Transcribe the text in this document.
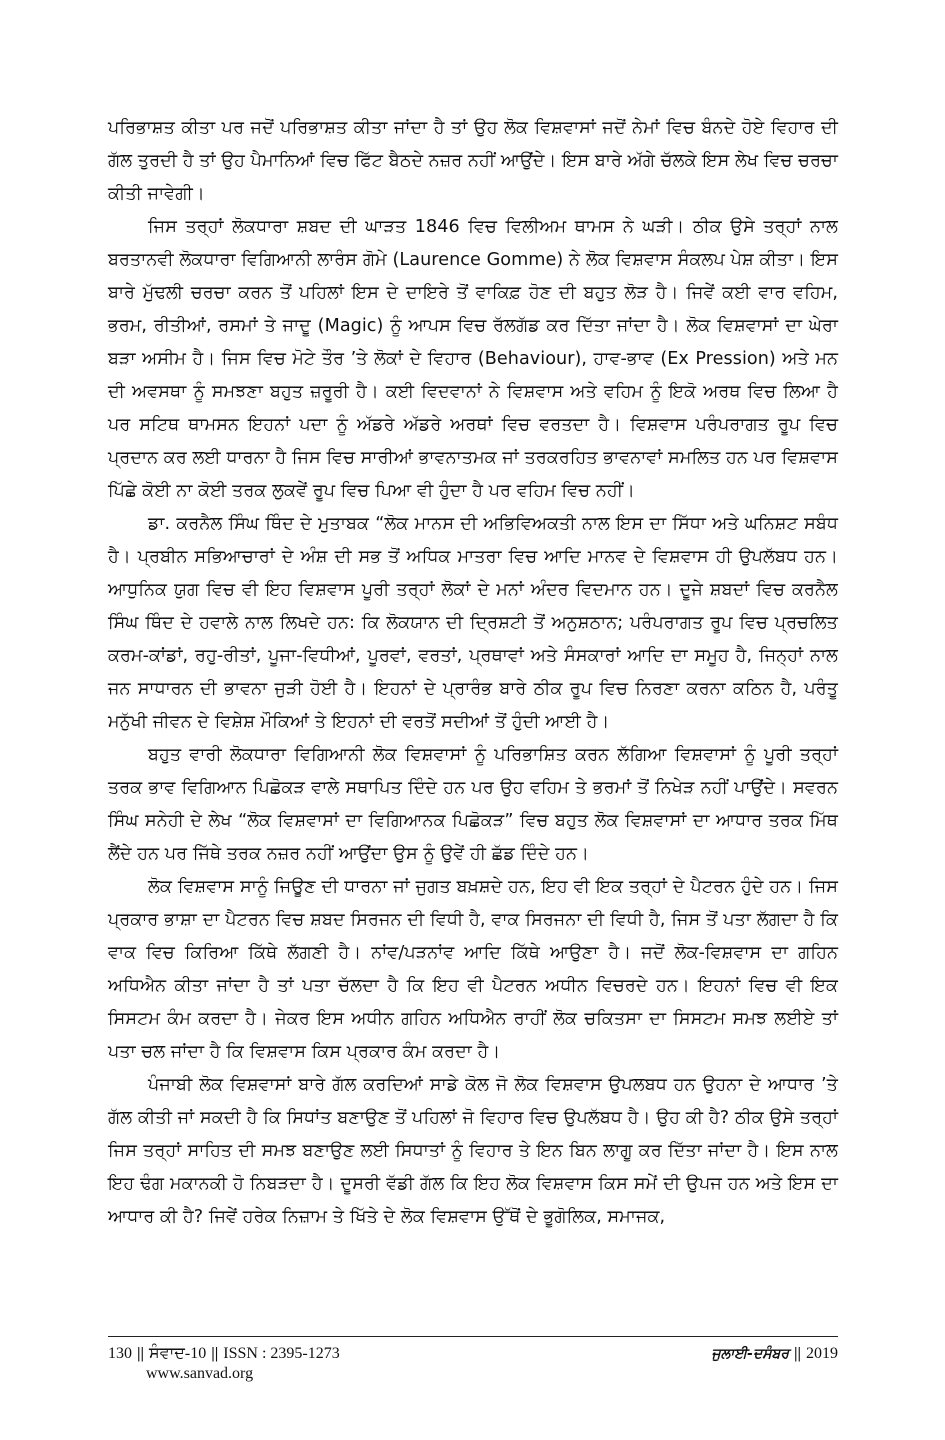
ਪਰਿਭਾਸ਼ਤ ਕੀਤਾ ਪਰ ਜਦੋਂ ਪਰਿਭਾਸ਼ਤ ਕੀਤਾ ਜਾਂਦਾ ਹੈ ਤਾਂ ਉਹ ਲੋਕ ਵਿਸ਼ਵਾਸਾਂ ਜਦੋਂ ਨੇਮਾਂ ਵਿਚ ਬੰਨਦੇ ਹੋਏ ਵਿਹਾਰ ਦੀ ਗੱਲ ਤੁਰਦੀ ਹੈ ਤਾਂ ਉਹ ਪੈਮਾਨਿਆਂ ਵਿਚ ਫਿੱਟ ਬੈਠਦੇ ਨਜ਼ਰ ਨਹੀਂ ਆਉਂਦੇ। ਇਸ ਬਾਰੇ ਅੱਗੇ ਚੱਲਕੇ ਇਸ ਲੇਖ ਵਿਚ ਚਰਚਾ ਕੀਤੀ ਜਾਵੇਗੀ।

ਜਿਸ ਤਰ੍ਹਾਂ ਲੋਕਧਾਰਾ ਸ਼ਬਦ ਦੀ ਘਾੜਤ 1846 ਵਿਚ ਵਿਲੀਅਮ ਥਾਮਸ ਨੇ ਘੜੀ। ਠੀਕ ਉਸੇ ਤਰ੍ਹਾਂ ਨਾਲ ਬਰਤਾਨਵੀ ਲੋਕਧਾਰਾ ਵਿਗਿਆਨੀ ਲਾਰੰਸ ਗੋਮੇ (Laurence Gomme) ਨੇ ਲੋਕ ਵਿਸ਼ਵਾਸ ਸੰਕਲਪ ਪੇਸ਼ ਕੀਤਾ। ਇਸ ਬਾਰੇ ਮੁੱਢਲੀ ਚਰਚਾ ਕਰਨ ਤੋਂ ਪਹਿਲਾਂ ਇਸ ਦੇ ਦਾਇਰੇ ਤੋਂ ਵਾਕਿਫ਼ ਹੋਣ ਦੀ ਬਹੁਤ ਲੋੜ ਹੈ। ਜਿਵੇਂ ਕਈ ਵਾਰ ਵਹਿਮ, ਭਰਮ, ਰੀਤੀਆਂ, ਰਸਮਾਂ ਤੇ ਜਾਦੂ (Magic) ਨੂੰ ਆਪਸ ਵਿਚ ਰੱਲਗੱਡ ਕਰ ਦਿੱਤਾ ਜਾਂਦਾ ਹੈ। ਲੋਕ ਵਿਸ਼ਵਾਸਾਂ ਦਾ ਘੇਰਾ ਬੜਾ ਅਸੀਮ ਹੈ। ਜਿਸ ਵਿਚ ਮੋਟੇ ਤੌਰ ’ਤੇ ਲੋਕਾਂ ਦੇ ਵਿਹਾਰ (Behaviour), ਹਾਵ-ਭਾਵ (Ex Pression) ਅਤੇ ਮਨ ਦੀ ਅਵਸਥਾ ਨੂੰ ਸਮਝਣਾ ਬਹੁਤ ਜ਼ਰੂਰੀ ਹੈ। ਕਈ ਵਿਦਵਾਨਾਂ ਨੇ ਵਿਸ਼ਵਾਸ ਅਤੇ ਵਹਿਮ ਨੂੰ ਇਕੋ ਅਰਥ ਵਿਚ ਲਿਆ ਹੈ ਪਰ ਸਟਿਥ ਥਾਮਸਨ ਇਹਨਾਂ ਪਦਾ ਨੂੰ ਅੱਡਰੇ ਅੱਡਰੇ ਅਰਥਾਂ ਵਿਚ ਵਰਤਦਾ ਹੈ। ਵਿਸ਼ਵਾਸ ਪਰੰਪਰਾਗਤ ਰੂਪ ਵਿਚ ਪ੍ਰਦਾਨ ਕਰ ਲਈ ਧਾਰਨਾ ਹੈ ਜਿਸ ਵਿਚ ਸਾਰੀਆਂ ਭਾਵਨਾਤਮਕ ਜਾਂ ਤਰਕਰਹਿਤ ਭਾਵਨਾਵਾਂ ਸਮਲਿਤ ਹਨ ਪਰ ਵਿਸ਼ਵਾਸ ਪਿੱਛੇ ਕੋਈ ਨਾ ਕੋਈ ਤਰਕ ਲੁਕਵੇਂ ਰੂਪ ਵਿਚ ਪਿਆ ਵੀ ਹੁੰਦਾ ਹੈ ਪਰ ਵਹਿਮ ਵਿਚ ਨਹੀਂ।

ਡਾ. ਕਰਨੈਲ ਸਿੰਘ ਥਿੰਦ ਦੇ ਮੁਤਾਬਕ “ਲੋਕ ਮਾਨਸ ਦੀ ਅਭਿਵਿਅਕਤੀ ਨਾਲ ਇਸ ਦਾ ਸਿੱਧਾ ਅਤੇ ਘਨਿਸ਼ਟ ਸਬੰਧ ਹੈ। ਪ੍ਰਬੀਨ ਸਭਿਆਚਾਰਾਂ ਦੇ ਅੰਸ਼ ਦੀ ਸਭ ਤੋਂ ਅਧਿਕ ਮਾਤਰਾ ਵਿਚ ਆਦਿ ਮਾਨਵ ਦੇ ਵਿਸ਼ਵਾਸ ਹੀ ਉਪਲੱਬਧ ਹਨ। ਆਧੁਨਿਕ ਯੁਗ ਵਿਚ ਵੀ ਇਹ ਵਿਸ਼ਵਾਸ ਪੂਰੀ ਤਰ੍ਹਾਂ ਲੋਕਾਂ ਦੇ ਮਨਾਂ ਅੰਦਰ ਵਿਦਮਾਨ ਹਨ। ਦੂਜੇ ਸ਼ਬਦਾਂ ਵਿਚ ਕਰਨੈਲ ਸਿੰਘ ਥਿੰਦ ਦੇ ਹਵਾਲੇ ਨਾਲ ਲਿਖਦੇ ਹਨ: ਕਿ ਲੋਕਯਾਨ ਦੀ ਦ੍ਰਿਸ਼ਟੀ ਤੋਂ ਅਨੁਸ਼ਠਾਨ; ਪਰੰਪਰਾਗਤ ਰੂਪ ਵਿਚ ਪ੍ਰਚਲਿਤ ਕਰਮ-ਕਾਂਡਾਂ, ਰਹੁ-ਰੀਤਾਂ, ਪੂਜਾ-ਵਿਧੀਆਂ, ਪੂਰਵਾਂ, ਵਰਤਾਂ, ਪ੍ਰਥਾਵਾਂ ਅਤੇ ਸੰਸਕਾਰਾਂ ਆਦਿ ਦਾ ਸਮੂਹ ਹੈ, ਜਿਨ੍ਹਾਂ ਨਾਲ ਜਨ ਸਾਧਾਰਨ ਦੀ ਭਾਵਨਾ ਜੁੜੀ ਹੋਈ ਹੈ। ਇਹਨਾਂ ਦੇ ਪ੍ਰਾਰੰਭ ਬਾਰੇ ਠੀਕ ਰੂਪ ਵਿਚ ਨਿਰਣਾ ਕਰਨਾ ਕਠਿਨ ਹੈ, ਪਰੰਤੂ ਮਨੁੱਖੀ ਜੀਵਨ ਦੇ ਵਿਸ਼ੇਸ਼ ਮੌਕਿਆਂ ਤੇ ਇਹਨਾਂ ਦੀ ਵਰਤੋਂ ਸਦੀਆਂ ਤੋਂ ਹੁੰਦੀ ਆਈ ਹੈ।

ਬਹੁਤ ਵਾਰੀ ਲੋਕਧਾਰਾ ਵਿਗਿਆਨੀ ਲੋਕ ਵਿਸ਼ਵਾਸਾਂ ਨੂੰ ਪਰਿਭਾਸ਼ਿਤ ਕਰਨ ਲੱਗਿਆ ਵਿਸ਼ਵਾਸਾਂ ਨੂੰ ਪੂਰੀ ਤਰ੍ਹਾਂ ਤਰਕ ਭਾਵ ਵਿਗਿਆਨ ਪਿਛੋਕੜ ਵਾਲੇ ਸਥਾਪਿਤ ਦਿੰਦੇ ਹਨ ਪਰ ਉਹ ਵਹਿਮ ਤੇ ਭਰਮਾਂ ਤੋਂ ਨਿਖੇੜ ਨਹੀਂ ਪਾਉਂਦੇ। ਸਵਰਨ ਸਿੰਘ ਸਨੇਹੀ ਦੇ ਲੇਖ “ਲੋਕ ਵਿਸ਼ਵਾਸਾਂ ਦਾ ਵਿਗਿਆਨਕ ਪਿਛੋਕੜ” ਵਿਚ ਬਹੁਤ ਲੋਕ ਵਿਸ਼ਵਾਸਾਂ ਦਾ ਆਧਾਰ ਤਰਕ ਮਿੱਥ ਲੈਂਦੇ ਹਨ ਪਰ ਜਿੱਥੇ ਤਰਕ ਨਜ਼ਰ ਨਹੀਂ ਆਉਂਦਾ ਉਸ ਨੂੰ ਉਵੇਂ ਹੀ ਛੱਡ ਦਿੰਦੇ ਹਨ।

ਲੋਕ ਵਿਸ਼ਵਾਸ ਸਾਨੂੰ ਜਿਊਣ ਦੀ ਧਾਰਨਾ ਜਾਂ ਜੁਗਤ ਬਖ਼ਸ਼ਦੇ ਹਨ, ਇਹ ਵੀ ਇਕ ਤਰ੍ਹਾਂ ਦੇ ਪੈਟਰਨ ਹੁੰਦੇ ਹਨ। ਜਿਸ ਪ੍ਰਕਾਰ ਭਾਸ਼ਾ ਦਾ ਪੈਟਰਨ ਵਿਚ ਸ਼ਬਦ ਸਿਰਜਨ ਦੀ ਵਿਧੀ ਹੈ, ਵਾਕ ਸਿਰਜਨਾ ਦੀ ਵਿਧੀ ਹੈ, ਜਿਸ ਤੋਂ ਪਤਾ ਲੱਗਦਾ ਹੈ ਕਿ ਵਾਕ ਵਿਚ ਕਿਰਿਆ ਕਿੱਥੇ ਲੱਗਣੀ ਹੈ। ਨਾਂਵ/ਪੜਨਾਂਵ ਆਦਿ ਕਿੱਥੇ ਆਉਣਾ ਹੈ। ਜਦੋਂ ਲੋਕ-ਵਿਸ਼ਵਾਸ ਦਾ ਗਹਿਨ ਅਧਿਐਨ ਕੀਤਾ ਜਾਂਦਾ ਹੈ ਤਾਂ ਪਤਾ ਚੱਲਦਾ ਹੈ ਕਿ ਇਹ ਵੀ ਪੈਟਰਨ ਅਧੀਨ ਵਿਚਰਦੇ ਹਨ। ਇਹਨਾਂ ਵਿਚ ਵੀ ਇਕ ਸਿਸਟਮ ਕੰਮ ਕਰਦਾ ਹੈ। ਜੇਕਰ ਇਸ ਅਧੀਨ ਗਹਿਨ ਅਧਿਐਨ ਰਾਹੀਂ ਲੋਕ ਚਕਿਤਸਾ ਦਾ ਸਿਸਟਮ ਸਮਝ ਲਈਏ ਤਾਂ ਪਤਾ ਚਲ ਜਾਂਦਾ ਹੈ ਕਿ ਵਿਸ਼ਵਾਸ ਕਿਸ ਪ੍ਰਕਾਰ ਕੰਮ ਕਰਦਾ ਹੈ।

ਪੰਜਾਬੀ ਲੋਕ ਵਿਸ਼ਵਾਸਾਂ ਬਾਰੇ ਗੱਲ ਕਰਦਿਆਂ ਸਾਡੇ ਕੋਲ ਜੋ ਲੋਕ ਵਿਸ਼ਵਾਸ ਉਪਲਬਧ ਹਨ ਉਹਨਾ ਦੇ ਆਧਾਰ ’ਤੇ ਗੱਲ ਕੀਤੀ ਜਾਂ ਸਕਦੀ ਹੈ ਕਿ ਸਿਧਾਂਤ ਬਣਾਉਣ ਤੋਂ ਪਹਿਲਾਂ ਜੋ ਵਿਹਾਰ ਵਿਚ ਉਪਲੱਬਧ ਹੈ। ਉਹ ਕੀ ਹੈ? ਠੀਕ ਉਸੇ ਤਰ੍ਹਾਂ ਜਿਸ ਤਰ੍ਹਾਂ ਸਾਹਿਤ ਦੀ ਸਮਝ ਬਣਾਉਣ ਲਈ ਸਿਧਾਤਾਂ ਨੂੰ ਵਿਹਾਰ ਤੇ ਇਨ ਬਿਨ ਲਾਗੂ ਕਰ ਦਿੱਤਾ ਜਾਂਦਾ ਹੈ। ਇਸ ਨਾਲ ਇਹ ਢੰਗ ਮਕਾਨਕੀ ਹੋ ਨਿਬੜਦਾ ਹੈ। ਦੂਸਰੀ ਵੱਡੀ ਗੱਲ ਕਿ ਇਹ ਲੋਕ ਵਿਸ਼ਵਾਸ ਕਿਸ ਸਮੇਂ ਦੀ ਉਪਜ ਹਨ ਅਤੇ ਇਸ ਦਾ ਆਧਾਰ ਕੀ ਹੈ? ਜਿਵੇਂ ਹਰੇਕ ਨਿਜ਼ਾਮ ਤੇ ਖਿੱਤੇ ਦੇ ਲੋਕ ਵਿਸ਼ਵਾਸ ਉੱਥੋਂ ਦੇ ਭੂਗੋਲਿਕ, ਸਮਾਜਕ,

130 || ਸੰਵਾਦ-10 || ISSN : 2395-1273	ਜੁਲਾਈ-ਦਸੰਬਰ || 2019
www.sanvad.org
